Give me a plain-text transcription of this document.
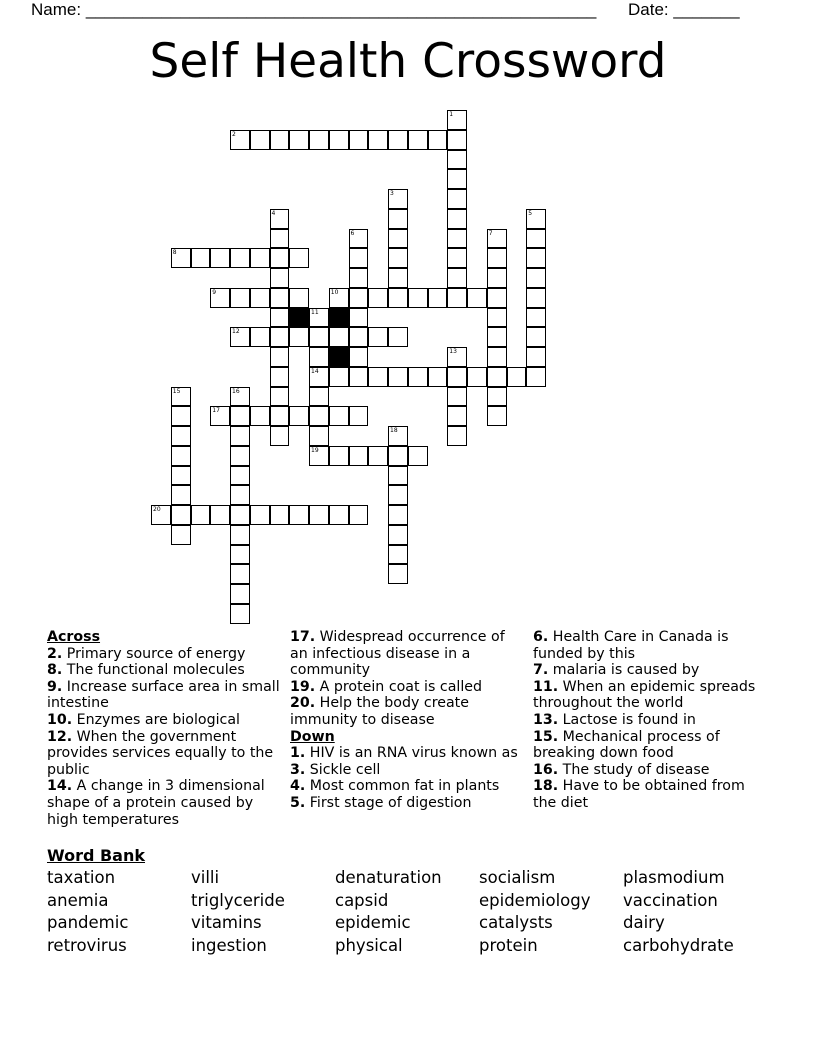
Name: ______________________________________________________ Date: _______
Self Health Crossword
1
2
3
4	5
6	7
8
9	10
11
14
19
12
13
15	16
17
18
20
Across
2. Primary source of energy
8. The functional molecules
9. Increase surface area in small intestine
10. Enzymes are biological
12. When the government provides services equally to the public
14. A change in 3 dimensional shape of a protein caused by high temperatures
17. Widespread occurrence of an infectious disease in a community
19. A protein coat is called
20. Help the body create immunity to disease
Down
1. HIV is an RNA virus known as
3. Sickle cell
4. Most common fat in plants
5. First stage of digestion
6. Health Care in Canada is funded by this
7. malaria is caused by
11. When an epidemic spreads throughout the world
13. Lactose is found in
15. Mechanical process of breaking down food
16. The study of disease
18. Have to be obtained from the diet
Word Bank
taxation	villi	denaturation	socialism	plasmodium
anemia	triglyceride	capsid	epidemiology	vaccination
pandemic	vitamins	epidemic	catalysts	dairy
retrovirus	ingestion	physical	protein	carbohydrate
